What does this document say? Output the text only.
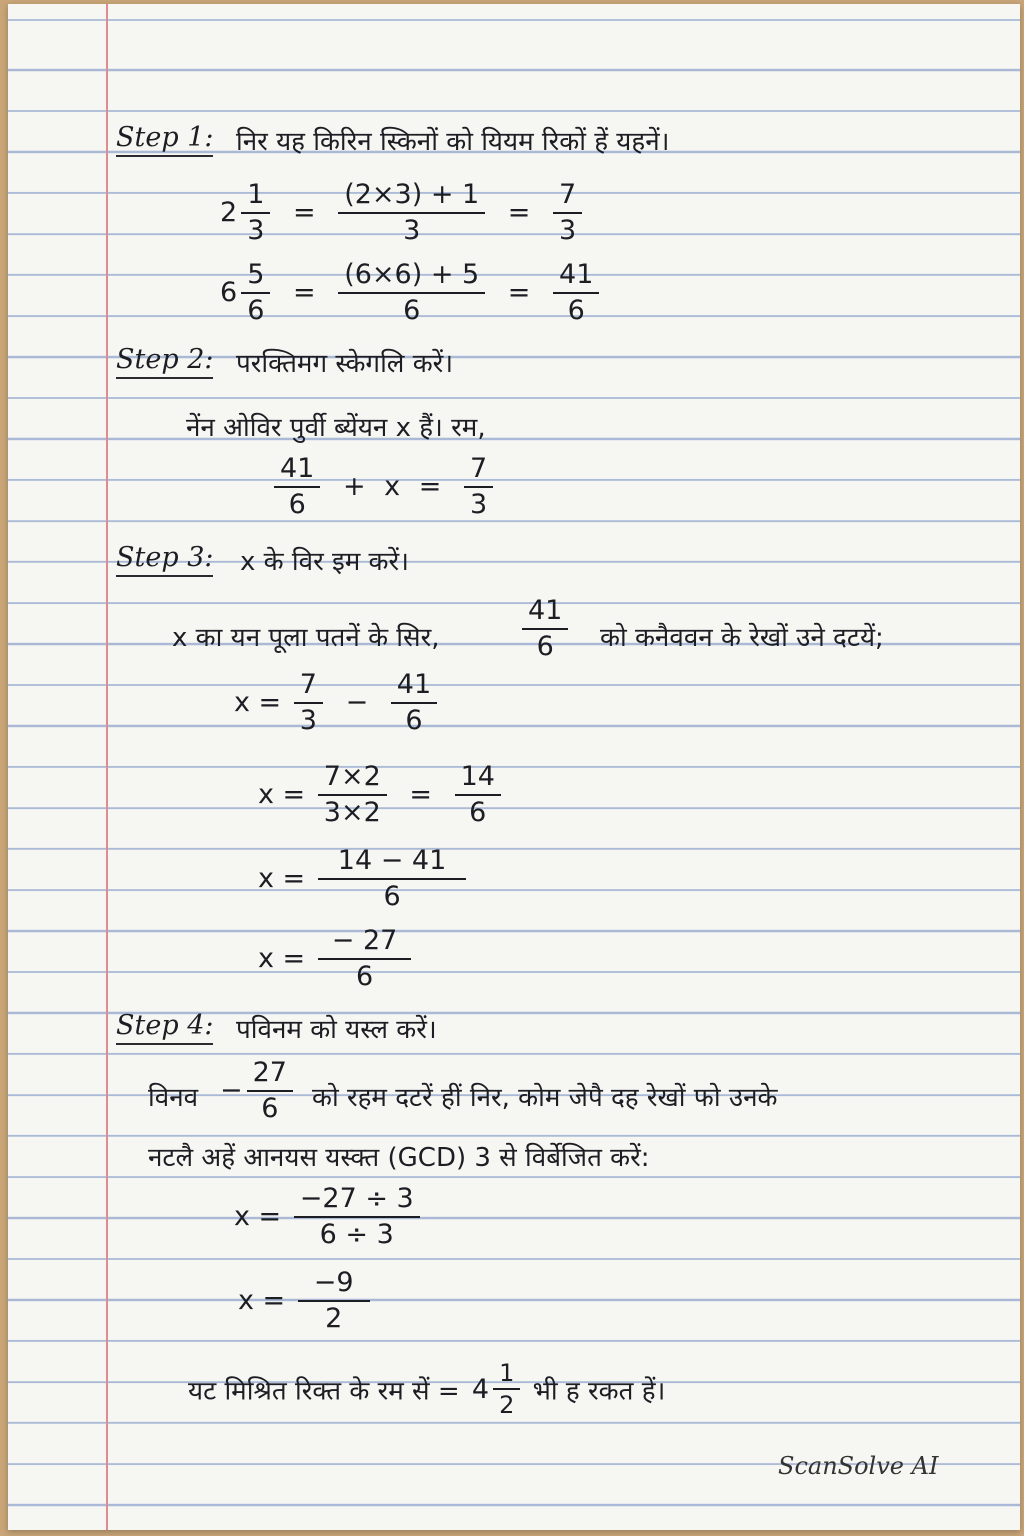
Step 1: निर यह किरिन स्किनों को यियम रिकों हें यहनें।
$2 \frac{1}{3} = \frac{(2\times 3) + 1}{3} = \frac{7}{3}$
$6 \frac{5}{6} = \frac{(6\times 6) + 5}{6} = \frac{41}{6}$
Step 2: परक्तिमग स्केगलि करें।
नेंन ओविर पुर्वी ब्येंयन x हैं। रम,
$\frac{41}{6} + x = \frac{7}{3}$
Step 3: x के विर इम करें।
x का यन पूला पतनें के सिर,	$\frac{41}{6}$ को कनैववन के रेखों उने दटयें;
$x = \frac{7}{3} - \frac{41}{6}$
$x = \frac{7\times 2}{3\times 2} = \frac{14}{6}$
$x = \frac{14 - 41}{6}$
$x = \frac{- 27}{6}$
Step 4: पविनम को यस्ल करें।
विनव − $\frac{27}{6}$ को रहम दटरें हीं निर, कोम जेपै दह रेखों फो उनके
नटलै अहें आनयस यस्क्त (GCD) 3 से विर्बेजित करें:
$x = \frac{-27 \div 3}{6 \div 3}$
$x = \frac{-9}{2}$
यट मिश्रित रिक्त के रम सें = $4 \frac{1}{2}$ भी ह रकत हें।
ScanSolve AI
